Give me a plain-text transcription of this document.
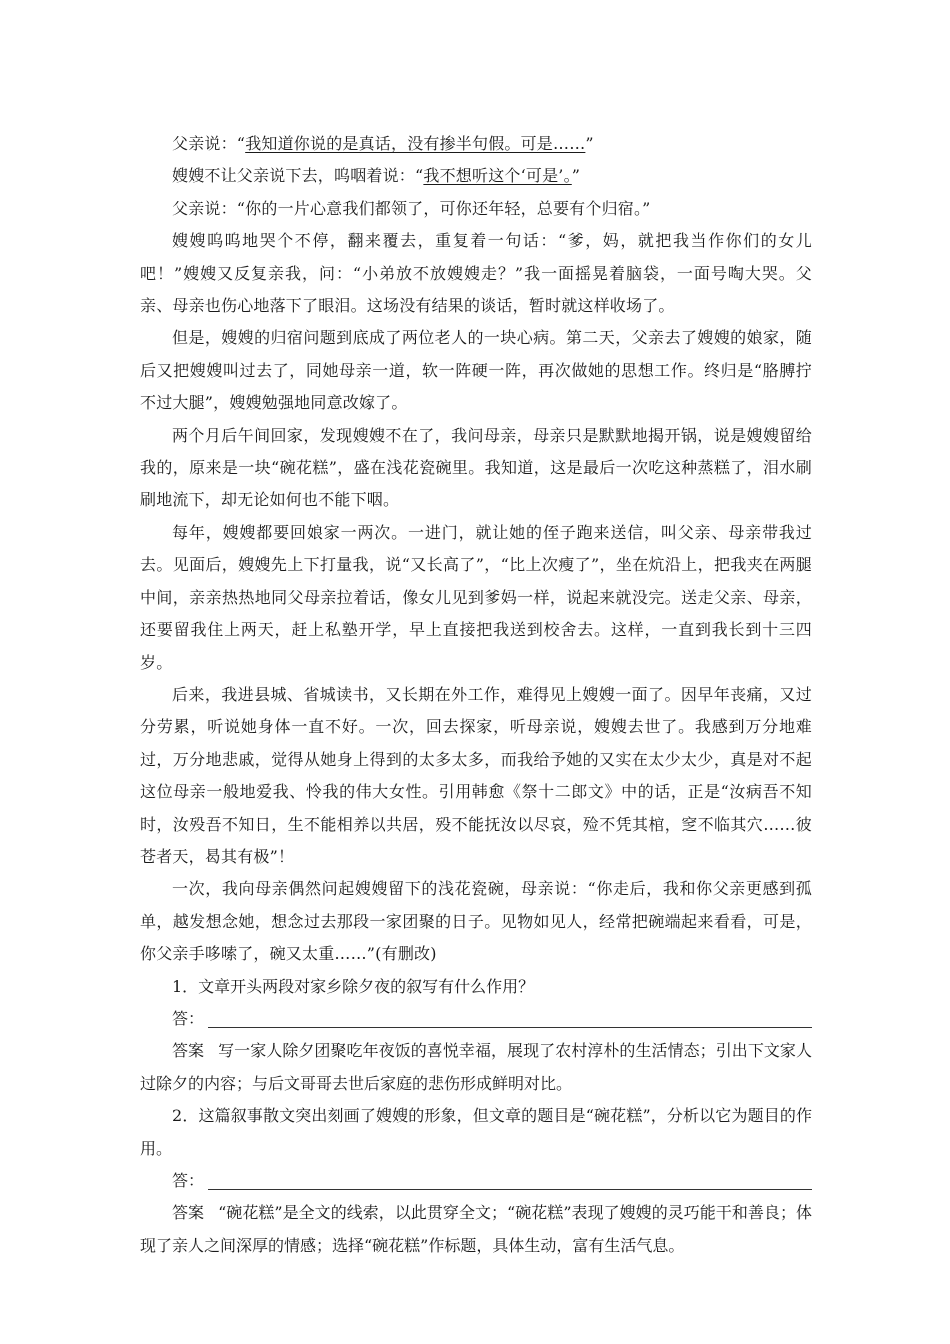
父亲说：“我知道你说的是真话，没有掺半句假。可是……”

嫂嫂不让父亲说下去，呜咽着说：“我不想听这个‘可是’。”

父亲说：“你的一片心意我们都领了，可你还年轻，总要有个归宿。”

嫂嫂呜呜地哭个不停，翻来覆去，重复着一句话：“爹，妈，就把我当作你们的女儿吧！”嫂嫂又反复亲我，问：“小弟放不放嫂嫂走？”我一面摇晃着脑袋，一面号啕大哭。父亲、母亲也伤心地落下了眼泪。这场没有结果的谈话，暂时就这样收场了。

但是，嫂嫂的归宿问题到底成了两位老人的一块心病。第二天，父亲去了嫂嫂的娘家，随后又把嫂嫂叫过去了，同她母亲一道，软一阵硬一阵，再次做她的思想工作。终归是“胳膊拧不过大腿”，嫂嫂勉强地同意改嫁了。

两个月后午间回家，发现嫂嫂不在了，我问母亲，母亲只是默默地揭开锅，说是嫂嫂留给我的，原来是一块“碗花糕”，盛在浅花瓷碗里。我知道，这是最后一次吃这种蒸糕了，泪水刷刷地流下，却无论如何也不能下咽。

每年，嫂嫂都要回娘家一两次。一进门，就让她的侄子跑来送信，叫父亲、母亲带我过去。见面后，嫂嫂先上下打量我，说“又长高了”，“比上次瘦了”，坐在炕沿上，把我夹在两腿中间，亲亲热热地同父母亲拉着话，像女儿见到爹妈一样，说起来就没完。送走父亲、母亲，还要留我住上两天，赶上私塾开学，早上直接把我送到校舍去。这样，一直到我长到十三四岁。

后来，我进县城、省城读书，又长期在外工作，难得见上嫂嫂一面了。因早年丧痛，又过分劳累，听说她身体一直不好。一次，回去探家，听母亲说，嫂嫂去世了。我感到万分地难过，万分地悲戚，觉得从她身上得到的太多太多，而我给予她的又实在太少太少，真是对不起这位母亲一般地爱我、怜我的伟大女性。引用韩愈《祭十二郎文》中的话，正是“汝病吾不知时，汝殁吾不知日，生不能相养以共居，殁不能抚汝以尽哀，殓不凭其棺，窆不临其穴……彼苍者天，曷其有极”！

一次，我向母亲偶然问起嫂嫂留下的浅花瓷碗，母亲说：“你走后，我和你父亲更感到孤单，越发想念她，想念过去那段一家团聚的日子。见物如见人，经常把碗端起来看看，可是，你父亲手哆嗦了，碗又太重……”(有删改)

1．文章开头两段对家乡除夕夜的叙写有什么作用？

答：

答案 写一家人除夕团聚吃年夜饭的喜悦幸福，展现了农村淳朴的生活情态；引出下文家人过除夕的内容；与后文哥哥去世后家庭的悲伤形成鲜明对比。

2．这篇叙事散文突出刻画了嫂嫂的形象，但文章的题目是“碗花糕”，分析以它为题目的作用。

答：

答案 “碗花糕”是全文的线索，以此贯穿全文；“碗花糕”表现了嫂嫂的灵巧能干和善良；体现了亲人之间深厚的情感；选择“碗花糕”作标题，具体生动，富有生活气息。
